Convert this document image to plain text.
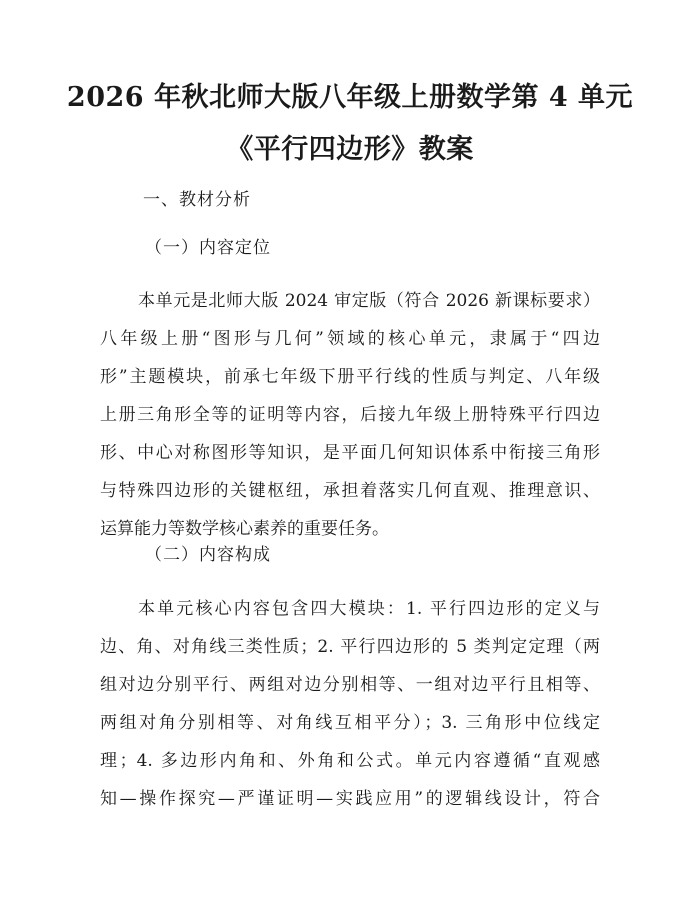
2026 年秋北师大版八年级上册数学第 4 单元
《平行四边形》教案
一、教材分析
（一）内容定位
本单元是北师大版 2024 审定版（符合 2026 新课标要求）
八年级上册“图形与几何”领域的核心单元，隶属于“四边
形”主题模块，前承七年级下册平行线的性质与判定、八年级
上册三角形全等的证明等内容，后接九年级上册特殊平行四边
形、中心对称图形等知识，是平面几何知识体系中衔接三角形
与特殊四边形的关键枢纽，承担着落实几何直观、推理意识、
运算能力等数学核心素养的重要任务。
（二）内容构成
本单元核心内容包含四大模块：1. 平行四边形的定义与
边、角、对角线三类性质；2. 平行四边形的 5 类判定定理（两
组对边分别平行、两组对边分别相等、一组对边平行且相等、
两组对角分别相等、对角线互相平分）；3. 三角形中位线定
理；4. 多边形内角和、外角和公式。单元内容遵循“直观感
知—操作探究—严谨证明—实践应用”的逻辑线设计，符合
